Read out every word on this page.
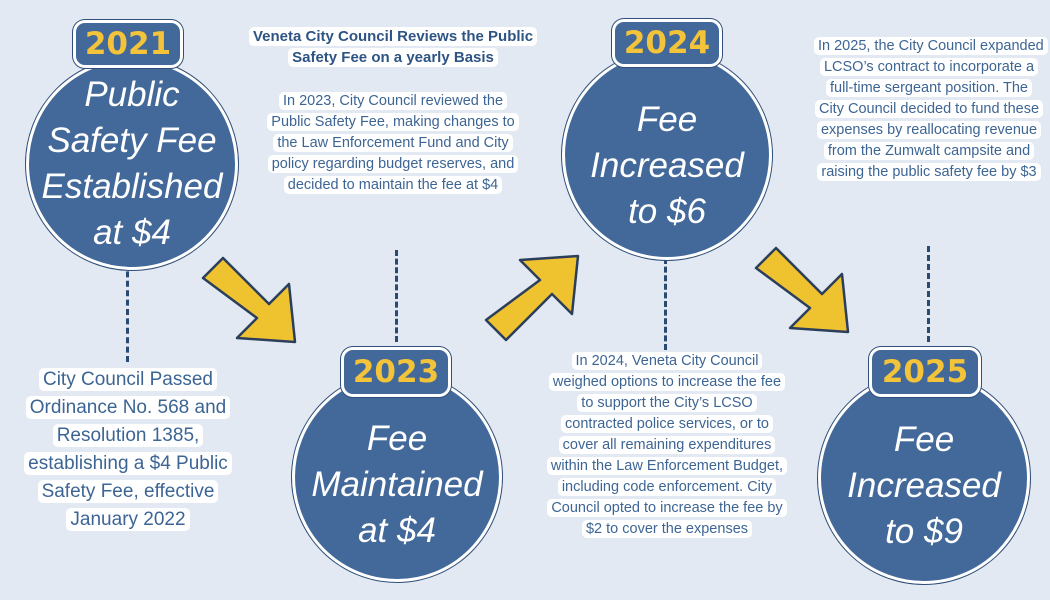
Veneta City Council Reviews the Public Safety Fee on a yearly Basis
Public Safety Fee Established at $4
Fee Maintained at $4
Fee Increased to $6
Fee Increased to $9
2021
2023
2024
2025
City Council Passed Ordinance No. 568 and Resolution 1385, establishing a $4 Public Safety Fee, effective January 2022
In 2023, City Council reviewed the Public Safety Fee, making changes to the Law Enforcement Fund and City policy regarding budget reserves, and decided to maintain the fee at $4
In 2024, Veneta City Council weighed options to increase the fee to support the City’s LCSO contracted police services, or to cover all remaining expenditures within the Law Enforcement Budget, including code enforcement. City Council opted to increase the fee by $2 to cover the expenses
In 2025, the City Council expanded LCSO’s contract to incorporate a full-time sergeant position. The City Council decided to fund these expenses by reallocating revenue from the Zumwalt campsite and raising the public safety fee by $3
